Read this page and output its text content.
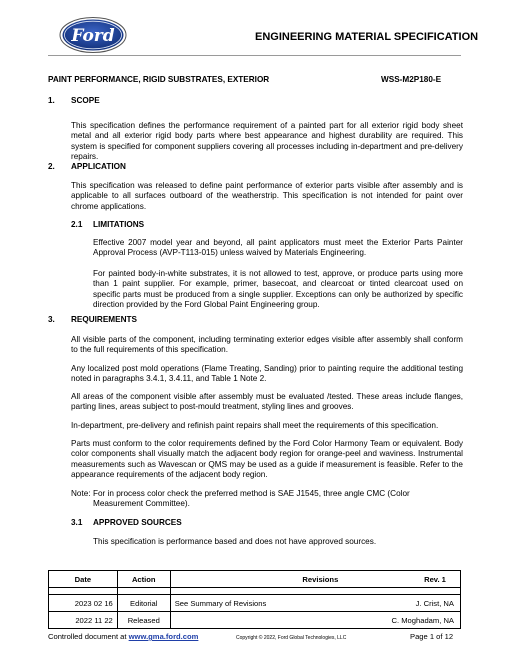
Ford	ENGINEERING MATERIAL SPECIFICATION
PAINT PERFORMANCE, RIGID SUBSTRATES, EXTERIOR	WSS-M2P180-E
1. SCOPE
This specification defines the performance requirement of a painted part for all exterior rigid body sheet metal and all exterior rigid body parts where best appearance and highest durability are required. This system is specified for component suppliers covering all processes including in-department and pre-delivery repairs.
2. APPLICATION
This specification was released to define paint performance of exterior parts visible after assembly and is applicable to all surfaces outboard of the weatherstrip. This specification is not intended for paint over chrome applications.
2.1 LIMITATIONS
Effective 2007 model year and beyond, all paint applicators must meet the Exterior Parts Painter Approval Process (AVP-T113-015) unless waived by Materials Engineering.
For painted body-in-white substrates, it is not allowed to test, approve, or produce parts using more than 1 paint supplier. For example, primer, basecoat, and clearcoat or tinted clearcoat used on specific parts must be produced from a single supplier. Exceptions can only be authorized by specific direction provided by the Ford Global Paint Engineering group.
3. REQUIREMENTS
All visible parts of the component, including terminating exterior edges visible after assembly shall conform to the full requirements of this specification.
Any localized post mold operations (Flame Treating, Sanding) prior to painting require the additional testing noted in paragraphs 3.4.1, 3.4.11, and Table 1 Note 2.
All areas of the component visible after assembly must be evaluated /tested. These areas include flanges, parting lines, areas subject to post-mould treatment, styling lines and grooves.
In-department, pre-delivery and refinish paint repairs shall meet the requirements of this specification.
Parts must conform to the color requirements defined by the Ford Color Harmony Team or equivalent. Body color components shall visually match the adjacent body region for orange-peel and waviness. Instrumental measurements such as Wavescan or QMS may be used as a guide if measurement is feasible. Refer to the appearance requirements of the adjacent body region.
Note: For in process color check the preferred method is SAE J1545, three angle CMC (Color Measurement Committee).
3.1 APPROVED SOURCES
This specification is performance based and does not have approved sources.
Date	Action	Revisions Rev. 1

2023 02 16	Editorial	See Summary of Revisions J. Crist, NA

2022 11 22	Released	C. Moghadam, NA
Controlled document at www.gma.ford.com	Copyright © 2022, Ford Global Technologies, LLC	Page 1 of 12
